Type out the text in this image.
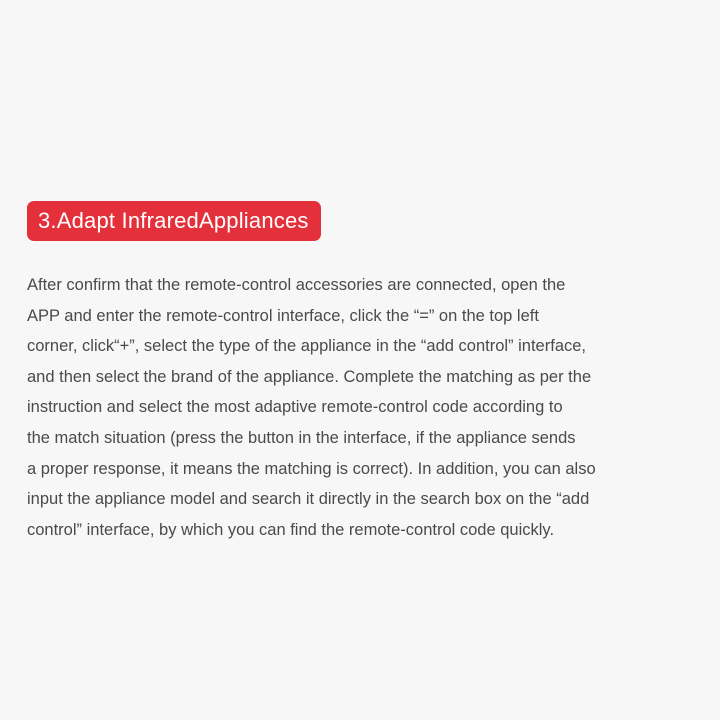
3.Adapt InfraredAppliances
After confirm that the remote-control accessories are connected, open the
APP and enter the remote-control interface, click the “=” on the top left
corner, click“+”, select the type of the appliance in the “add control” interface,
and then select the brand of the appliance. Complete the matching as per the
instruction and select the most adaptive remote-control code according to
the match situation (press the button in the interface, if the appliance sends
a proper response, it means the matching is correct). In addition, you can also
input the appliance model and search it directly in the search box on the “add
control” interface, by which you can find the remote-control code quickly.
